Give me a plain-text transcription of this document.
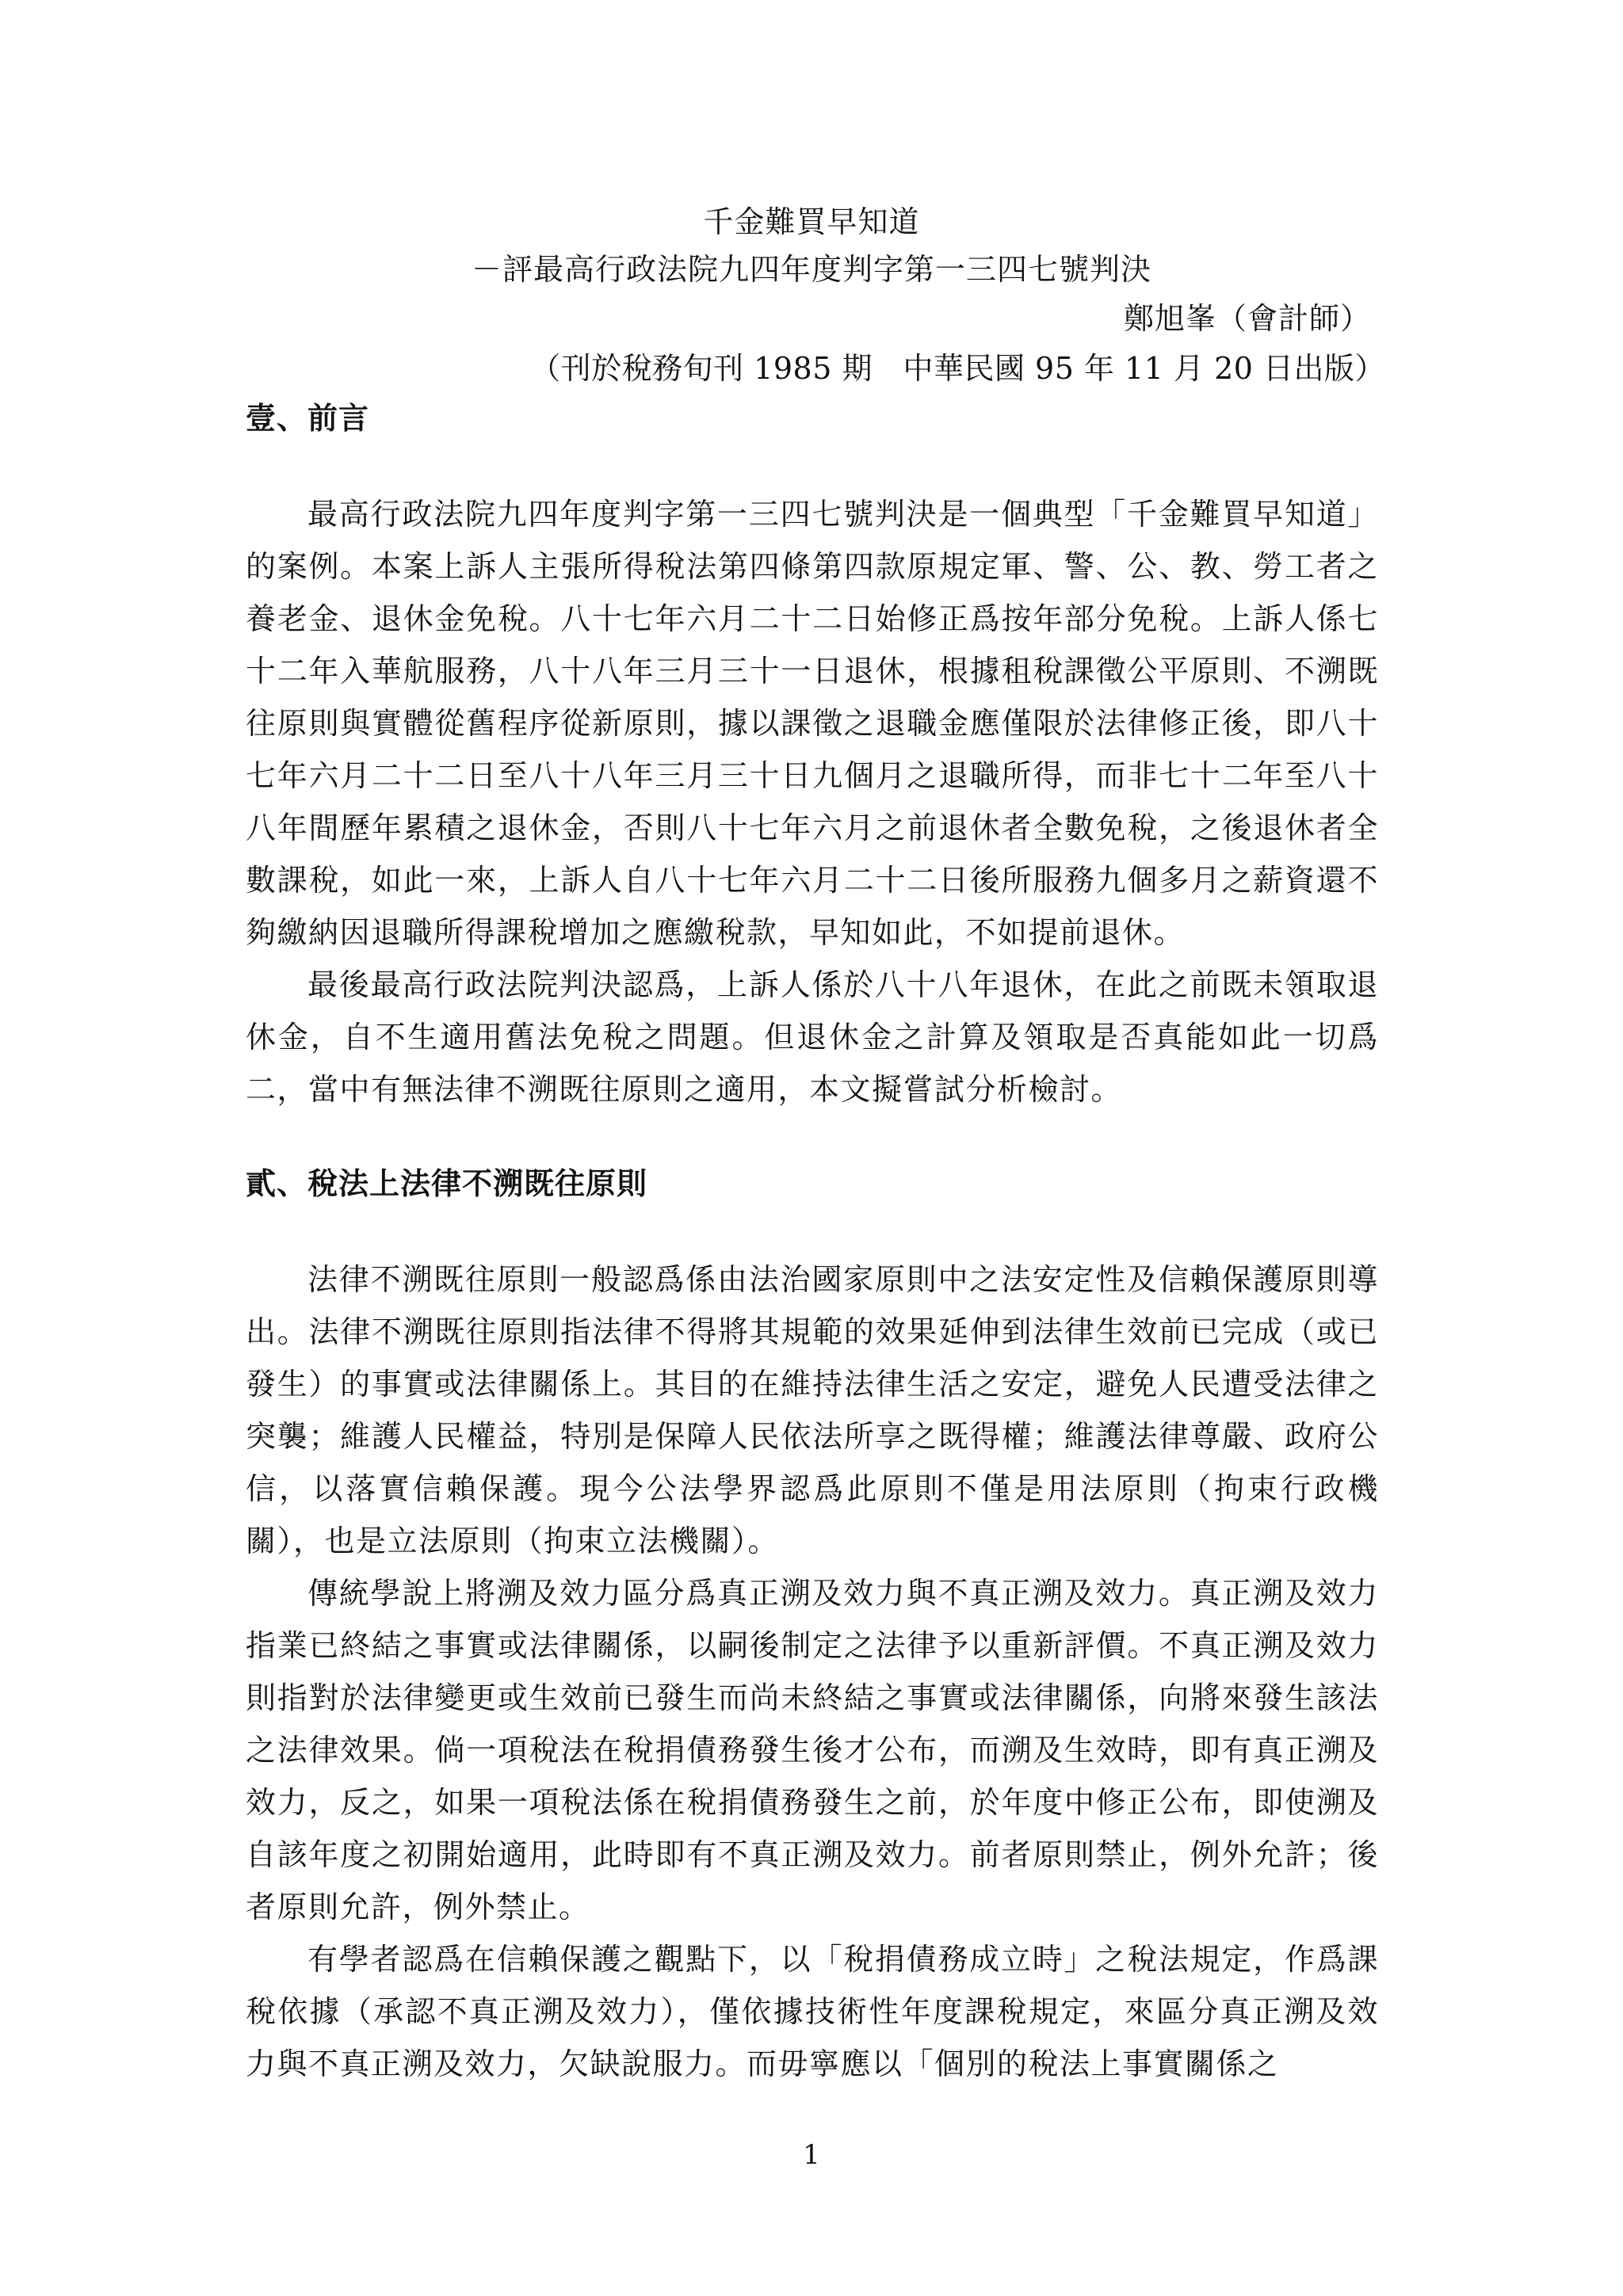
千金難買早知道
－評最高行政法院九四年度判字第一三四七號判決
鄭旭峯（會計師）
（刊於稅務旬刊 1985 期　中華民國 95 年 11 月 20 日出版）
壹、前言

最高行政法院九四年度判字第一三四七號判決是一個典型「千金難買早知道」的案例。本案上訴人主張所得稅法第四條第四款原規定軍、警、公、教、勞工者之養老金、退休金免稅。八十七年六月二十二日始修正爲按年部分免稅。上訴人係七十二年入華航服務，八十八年三月三十一日退休，根據租稅課徵公平原則、不溯既往原則與實體從舊程序從新原則，據以課徵之退職金應僅限於法律修正後，即八十七年六月二十二日至八十八年三月三十日九個月之退職所得，而非七十二年至八十八年間歷年累積之退休金，否則八十七年六月之前退休者全數免稅，之後退休者全數課稅，如此一來，上訴人自八十七年六月二十二日後所服務九個多月之薪資還不夠繳納因退職所得課稅增加之應繳稅款，早知如此，不如提前退休。

最後最高行政法院判決認爲，上訴人係於八十八年退休，在此之前既未領取退休金，自不生適用舊法免稅之問題。但退休金之計算及領取是否真能如此一切爲二，當中有無法律不溯既往原則之適用，本文擬嘗試分析檢討。

貳、稅法上法律不溯既往原則

法律不溯既往原則一般認爲係由法治國家原則中之法安定性及信賴保護原則導出。法律不溯既往原則指法律不得將其規範的效果延伸到法律生效前已完成（或已發生）的事實或法律關係上。其目的在維持法律生活之安定，避免人民遭受法律之突襲；維護人民權益，特別是保障人民依法所享之既得權；維護法律尊嚴、政府公信，以落實信賴保護。現今公法學界認爲此原則不僅是用法原則（拘束行政機關），也是立法原則（拘束立法機關）。

傳統學說上將溯及效力區分爲真正溯及效力與不真正溯及效力。真正溯及效力指業已終結之事實或法律關係，以嗣後制定之法律予以重新評價。不真正溯及效力則指對於法律變更或生效前已發生而尚未終結之事實或法律關係，向將來發生該法之法律效果。倘一項稅法在稅捐債務發生後才公布，而溯及生效時，即有真正溯及效力，反之，如果一項稅法係在稅捐債務發生之前，於年度中修正公布，即使溯及自該年度之初開始適用，此時即有不真正溯及效力。前者原則禁止，例外允許；後者原則允許，例外禁止。

有學者認爲在信賴保護之觀點下，以「稅捐債務成立時」之稅法規定，作爲課稅依據（承認不真正溯及效力），僅依據技術性年度課稅規定，來區分真正溯及效力與不真正溯及效力，欠缺說服力。而毋寧應以「個別的稅法上事實關係之

1
